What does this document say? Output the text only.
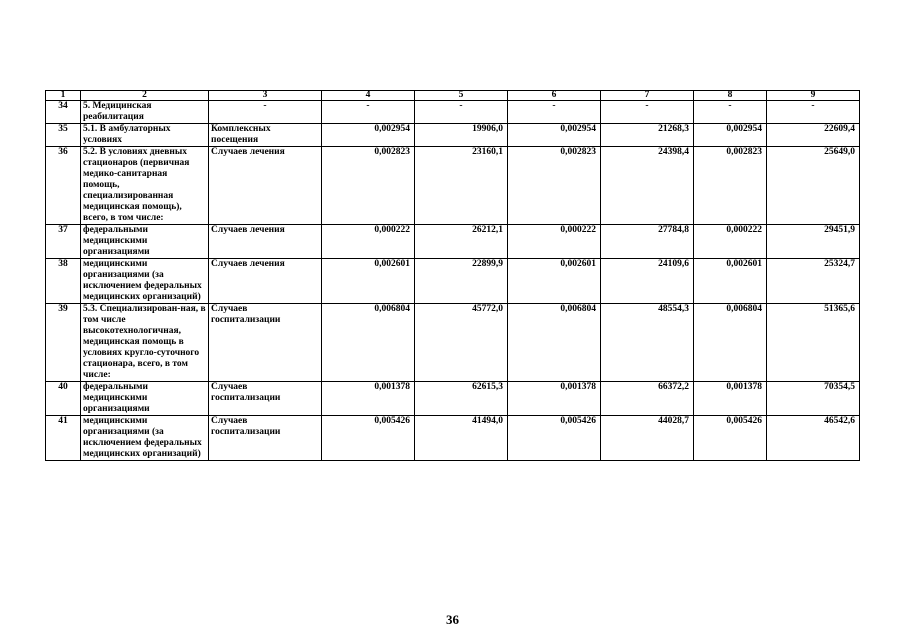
1	2	3	4	5	6	7	8	9
34	5. Медицинская реабилитация	-	-	-	-	-	-	-
35	5.1. В амбулаторных условиях	Комплексных посещения	0,002954	19906,0	0,002954	21268,3	0,002954	22609,4
36	5.2. В условиях дневных стационаров (первичная медико-санитарная помощь, специализированная медицинская помощь), всего, в том числе:	Случаев лечения	0,002823	23160,1	0,002823	24398,4	0,002823	25649,0
37	федеральными медицинскими организациями	Случаев лечения	0,000222	26212,1	0,000222	27784,8	0,000222	29451,9
38	медицинскими организациями (за исключением федеральных медицинских организаций)	Случаев лечения	0,002601	22899,9	0,002601	24109,6	0,002601	25324,7
39	5.3. Специализирован-ная, в том числе высокотехнологичная, медицинская помощь в условиях кругло-суточного стационара, всего, в том числе:	Случаев госпитализации	0,006804	45772,0	0,006804	48554,3	0,006804	51365,6
40	федеральными медицинскими организациями	Случаев госпитализации	0,001378	62615,3	0,001378	66372,2	0,001378	70354,5
41	медицинскими организациями (за исключением федеральных медицинских организаций)	Случаев госпитализации	0,005426	41494,0	0,005426	44028,7	0,005426	46542,6
36
